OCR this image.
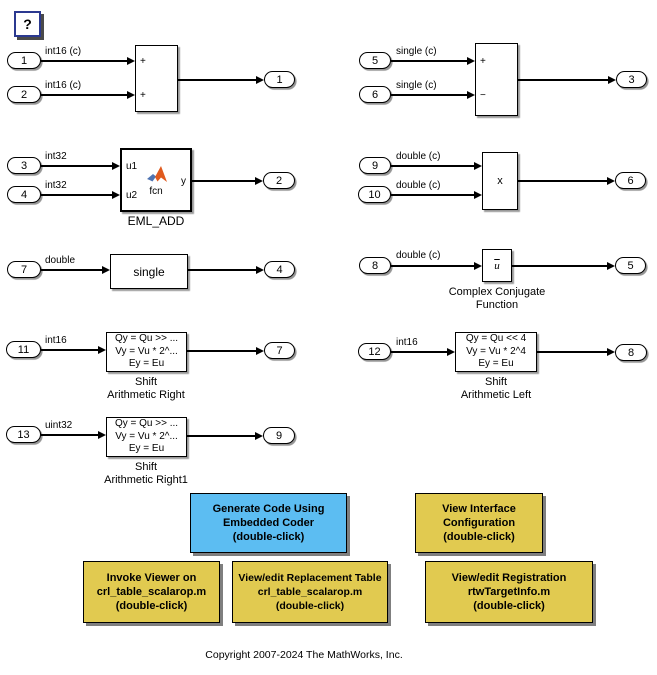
?
1
2
int16 (c)
int16 (c)
+
+
1
5
6
single (c)
single (c)
+
−
3
3
4
int32
int32
u1
u2
y
fcn
EML_ADD
2
9
10
double (c)
double (c)	x	6
7
double
single	4	8
double (c)
$\overline{u}$
Complex Conjugate
Function
5
11
int16	Qy = Qu >> ...
Vy = Vu * 2^...
Ey = Eu
Shift
Arithmetic Right
7	12
int16	Qy = Qu << 4
Vy = Vu * 2^4
Ey = Eu
Shift
Arithmetic Left
8
13
uint32	Qy = Qu >> ...
Vy = Vu * 2^...
Ey = Eu
Shift
Arithmetic Right1
9
Generate Code Using
Embedded Coder
(double-click)
View Interface
Configuration
(double-click)
Invoke Viewer on
crl_table_scalarop.m
(double-click)
View/edit Replacement Table
crl_table_scalarop.m
(double-click)
View/edit Registration
rtwTargetInfo.m
(double-click)
Copyright 2007-2024 The MathWorks, Inc.
